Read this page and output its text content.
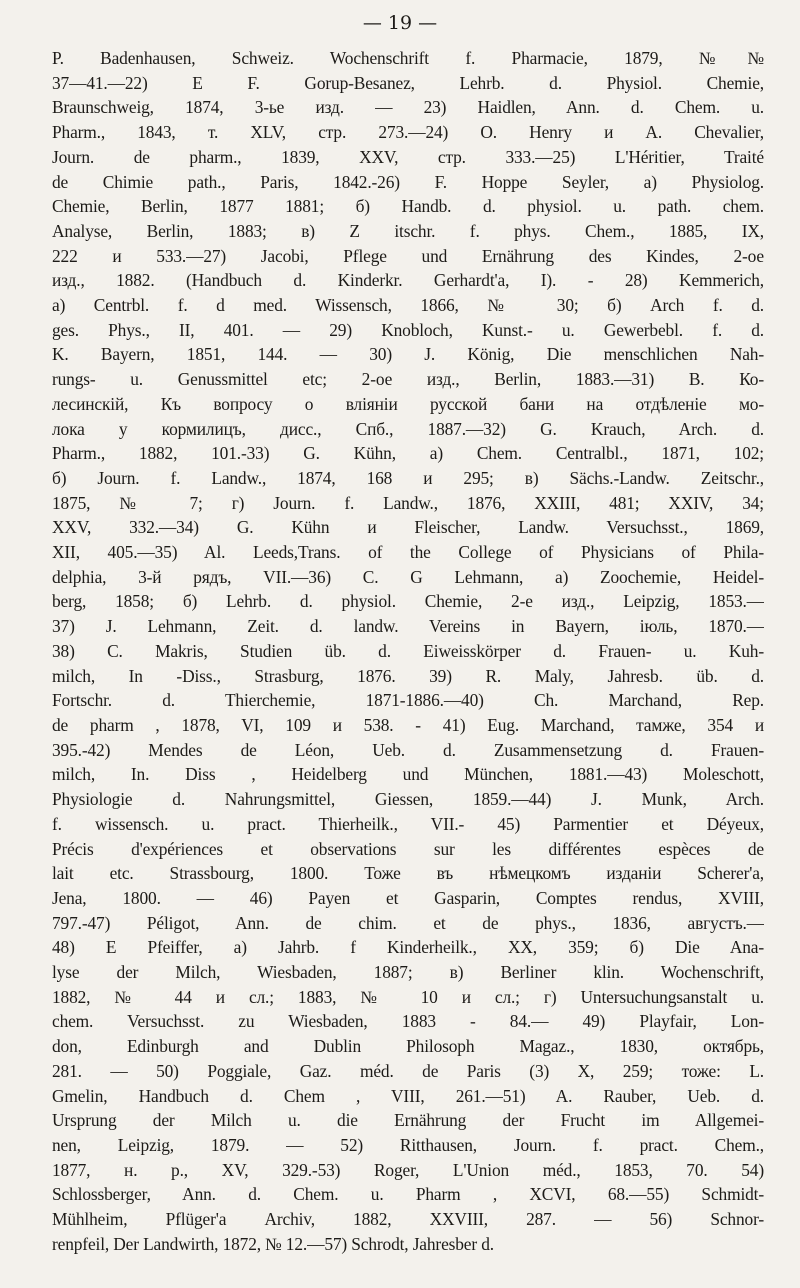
— 19 —
P. Badenhausen, Schweiz. Wochenschrift f. Pharmacie, 1879, №№
37—41.—22) E F. Gorup-Besanez, Lehrb. d. Physiol. Chemie,
Braunschweig, 1874, 3-ье изд. — 23) Haidlen, Ann. d. Chem. u.
Pharm., 1843, т. XLV, стр. 273.—24) O. Henry и A. Chevalier,
Journ. de pharm., 1839, XXV, стр. 333.—25) L'Héritier, Traité
de Chimie path., Paris, 1842.-26) F. Hoppe Seyler, а) Physiolog.
Chemie, Berlin, 1877 1881; б) Handb. d. physiol. u. path. chem.
Analyse, Berlin, 1883; в) Z itschr. f. phys. Chem., 1885, IX,
222 и 533.—27) Jacobi, Pflege und Ernährung des Kindes, 2-ое
изд., 1882. (Handbuch d. Kinderkr. Gerhardt'а, I). - 28) Kemmerich,
а) Centrbl. f. d med. Wissensch, 1866, № 30; б) Arch f. d.
ges. Phys., II, 401. — 29) Knobloch, Kunst.- u. Gewerbebl. f. d.
K. Bayern, 1851, 144. — 30) J. König, Die menschlichen Nah-
rungs- u. Genussmittel etc; 2-ое изд., Berlin, 1883.—31) В. Ко-
лесинскій, Къ вопросу о вліяніи русской бани на отдѣленіе мо-
лока у кормилицъ, дисс., Спб., 1887.—32) G. Krauch, Arch. d.
Pharm., 1882, 101.-33) G. Kühn, а) Chem. Centralbl., 1871, 102;
б) Journ. f. Landw., 1874, 168 и 295; в) Sächs.-Landw. Zeitschr.,
1875, № 7; г) Journ. f. Landw., 1876, XXIII, 481; XXIV, 34;
XXV, 332.—34) G. Kühn и Fleischer, Landw. Versuchsst., 1869,
XII, 405.—35) Al. Leeds,Trans. of the College of Physicians of Phila-
delphia, 3-й рядъ, VII.—36) C. G Lehmann, а) Zoochemie, Heidel-
berg, 1858; б) Lehrb. d. physiol. Chemie, 2-е изд., Leipzig, 1853.—
37) J. Lehmann, Zeit. d. landw. Vereins in Bayern, іюль, 1870.—
38) C. Makris, Studien üb. d. Eiweisskörper d. Frauen- u. Kuh-
milch, In -Diss., Strasburg, 1876. 39) R. Maly, Jahresb. üb. d.
Fortschr. d. Thierchemie, 1871-1886.—40) Ch. Marchand, Rep.
de pharm , 1878, VI, 109 и 538. - 41) Eug. Marchand, тамже, 354 и
395.-42) Mendes de Léon, Ueb. d. Zusammensetzung d. Frauen-
milch, In. Diss , Heidelberg und München, 1881.—43) Moleschott,
Physiologie d. Nahrungsmittel, Giessen, 1859.—44) J. Munk, Arch.
f. wissensch. u. pract. Thierheilk., VII.- 45) Parmentier et Déyeux,
Précis d'expériences et observations sur les différentes espèces de
lait etc. Strassbourg, 1800. Тоже въ нѣмецкомъ изданіи Scherer'а,
Jena, 1800. — 46) Payen et Gasparin, Comptes rendus, XVIII,
797.-47) Péligot, Ann. de chim. et de phys., 1836, августъ.—
48) E Pfeiffer, а) Jahrb. f Kinderheilk., XX, 359; б) Die Ana-
lyse der Milch, Wiesbaden, 1887; в) Berliner klin. Wochenschrift,
1882, № 44 и сл.; 1883, № 10 и сл.; г) Untersuchungsanstalt u.
chem. Versuchsst. zu Wiesbaden, 1883 - 84.— 49) Playfair, Lon-
don, Edinburgh and Dublin Philosoph Magaz., 1830, октябрь,
281. — 50) Poggiale, Gaz. méd. de Paris (3) X, 259; тоже: L.
Gmelin, Handbuch d. Chem , VIII, 261.—51) A. Rauber, Ueb. d.
Ursprung der Milch u. die Ernährung der Frucht im Allgemei-
nen, Leipzig, 1879. — 52) Ritthausen, Journ. f. pract. Chem.,
1877, н. р., XV, 329.-53) Roger, L'Union méd., 1853, 70. 54)
Schlossberger, Ann. d. Chem. u. Pharm , XCVI, 68.—55) Schmidt-
Mühlheim, Pflüger'а Archiv, 1882, XXVIII, 287. — 56) Schnor-
renpfeil, Der Landwirth, 1872, № 12.—57) Schrodt, Jahresber d.
